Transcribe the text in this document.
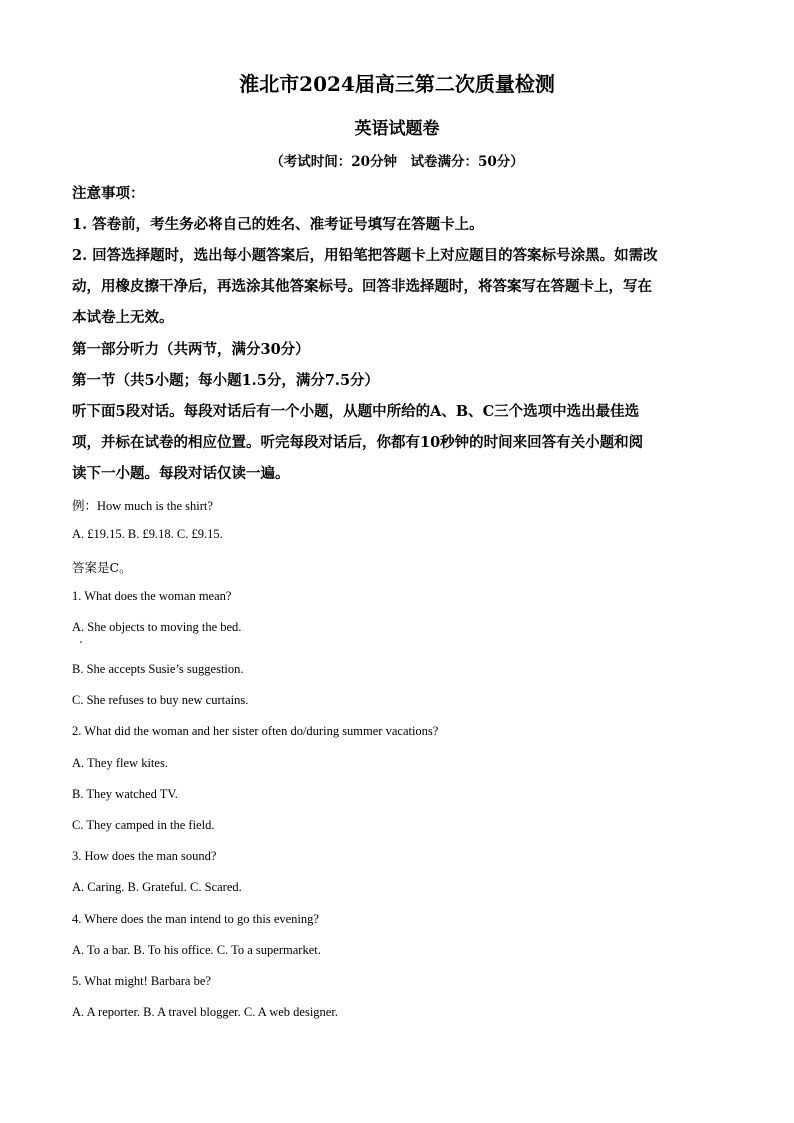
淮北市2024届高三第二次质量检测
英语试题卷
（考试时间：20分钟　试卷满分：50分）
注意事项：
1. 答卷前，考生务必将自己的姓名、准考证号填写在答题卡上。
2. 回答选择题时，选出每小题答案后，用铅笔把答题卡上对应题目的答案标号涂黑。如需改
动，用橡皮擦干净后，再选涂其他答案标号。回答非选择题时，将答案写在答题卡上，写在
本试卷上无效。
第一部分听力（共两节，满分30分）
第一节（共5小题；每小题1.5分，满分7.5分）
听下面5段对话。每段对话后有一个小题，从题中所给的A、B、C三个选项中选出最佳选
项，并标在试卷的相应位置。听完每段对话后，你都有10秒钟的时间来回答有关小题和阅
读下一小题。每段对话仅读一遍。
例：How much is the shirt?
A. £19.15. B. £9.18. C. £9.15.
答案是C。
1. What does the woman mean?
A. She objects to moving the bed.
B. She accepts Susie’s suggestion.
C. She refuses to buy new curtains.
2. What did the woman and her sister often do/during summer vacations?
A. They flew kites.
B. They watched TV.
C. They camped in the field.
3. How does the man sound?
A. Caring. B. Grateful. C. Scared.
4. Where does the man intend to go this evening?
A. To a bar. B. To his office. C. To a supermarket.
5. What might! Barbara be?
A. A reporter. B. A travel blogger. C. A web designer.
